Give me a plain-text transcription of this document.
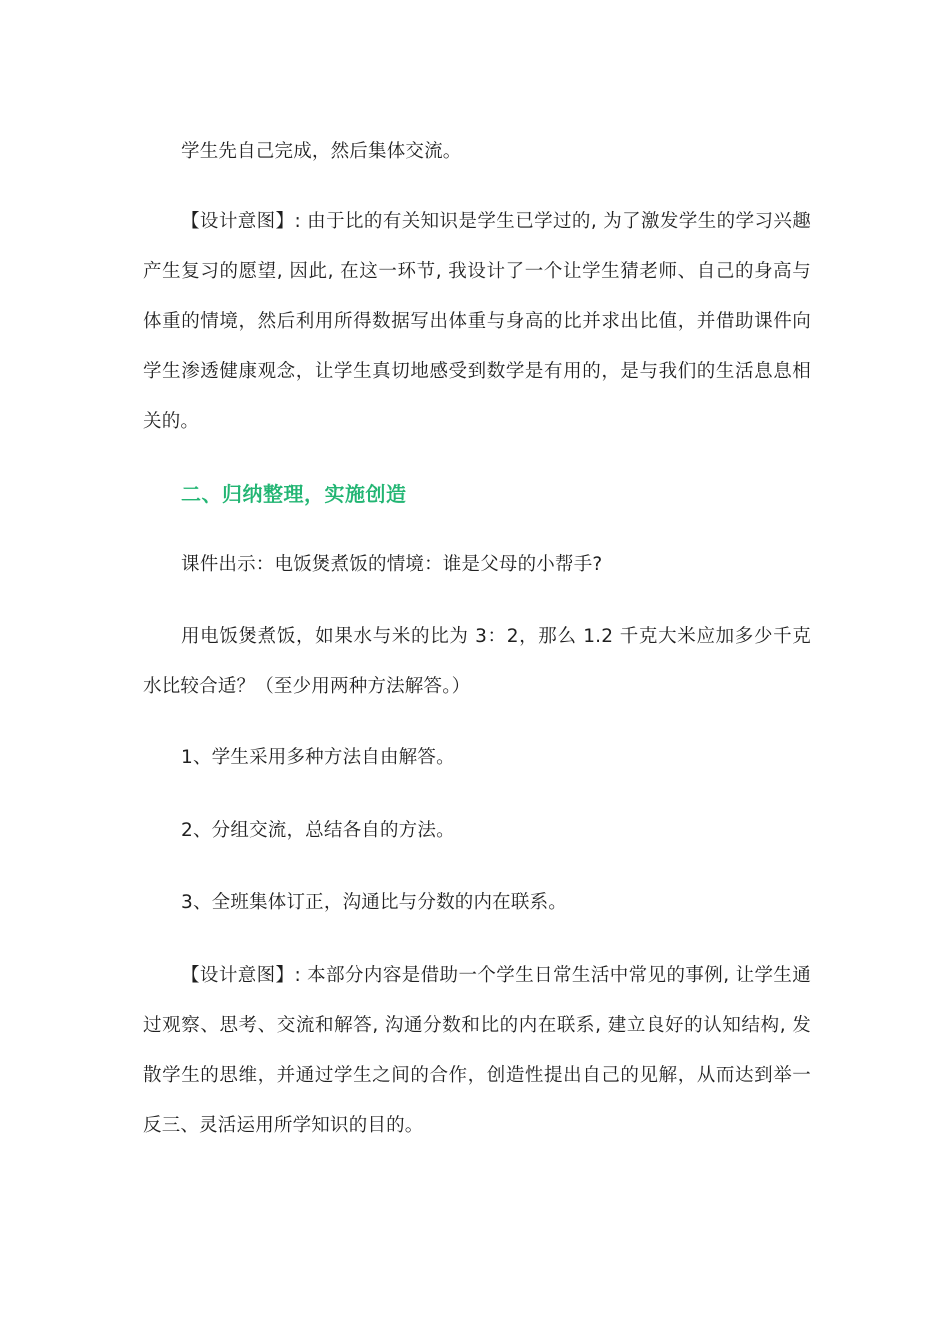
学生先自己完成，然后集体交流。

【设计意图】: 由于比的有关知识是学生已学过的, 为了激发学生的学习兴趣产生复习的愿望, 因此, 在这一环节, 我设计了一个让学生猜老师、自己的身高与体重的情境，然后利用所得数据写出体重与身高的比并求出比值，并借助课件向学生渗透健康观念，让学生真切地感受到数学是有用的，是与我们的生活息息相关的。

二、归纳整理，实施创造

课件出示：电饭煲煮饭的情境：谁是父母的小帮手?

用电饭煲煮饭，如果水与米的比为 3：2，那么 1.2 千克大米应加多少千克水比较合适？（至少用两种方法解答。）

1、学生采用多种方法自由解答。

2、分组交流，总结各自的方法。

3、全班集体订正，沟通比与分数的内在联系。

【设计意图】: 本部分内容是借助一个学生日常生活中常见的事例, 让学生通过观察、思考、交流和解答, 沟通分数和比的内在联系, 建立良好的认知结构, 发散学生的思维，并通过学生之间的合作，创造性提出自己的见解，从而达到举一反三、灵活运用所学知识的目的。
